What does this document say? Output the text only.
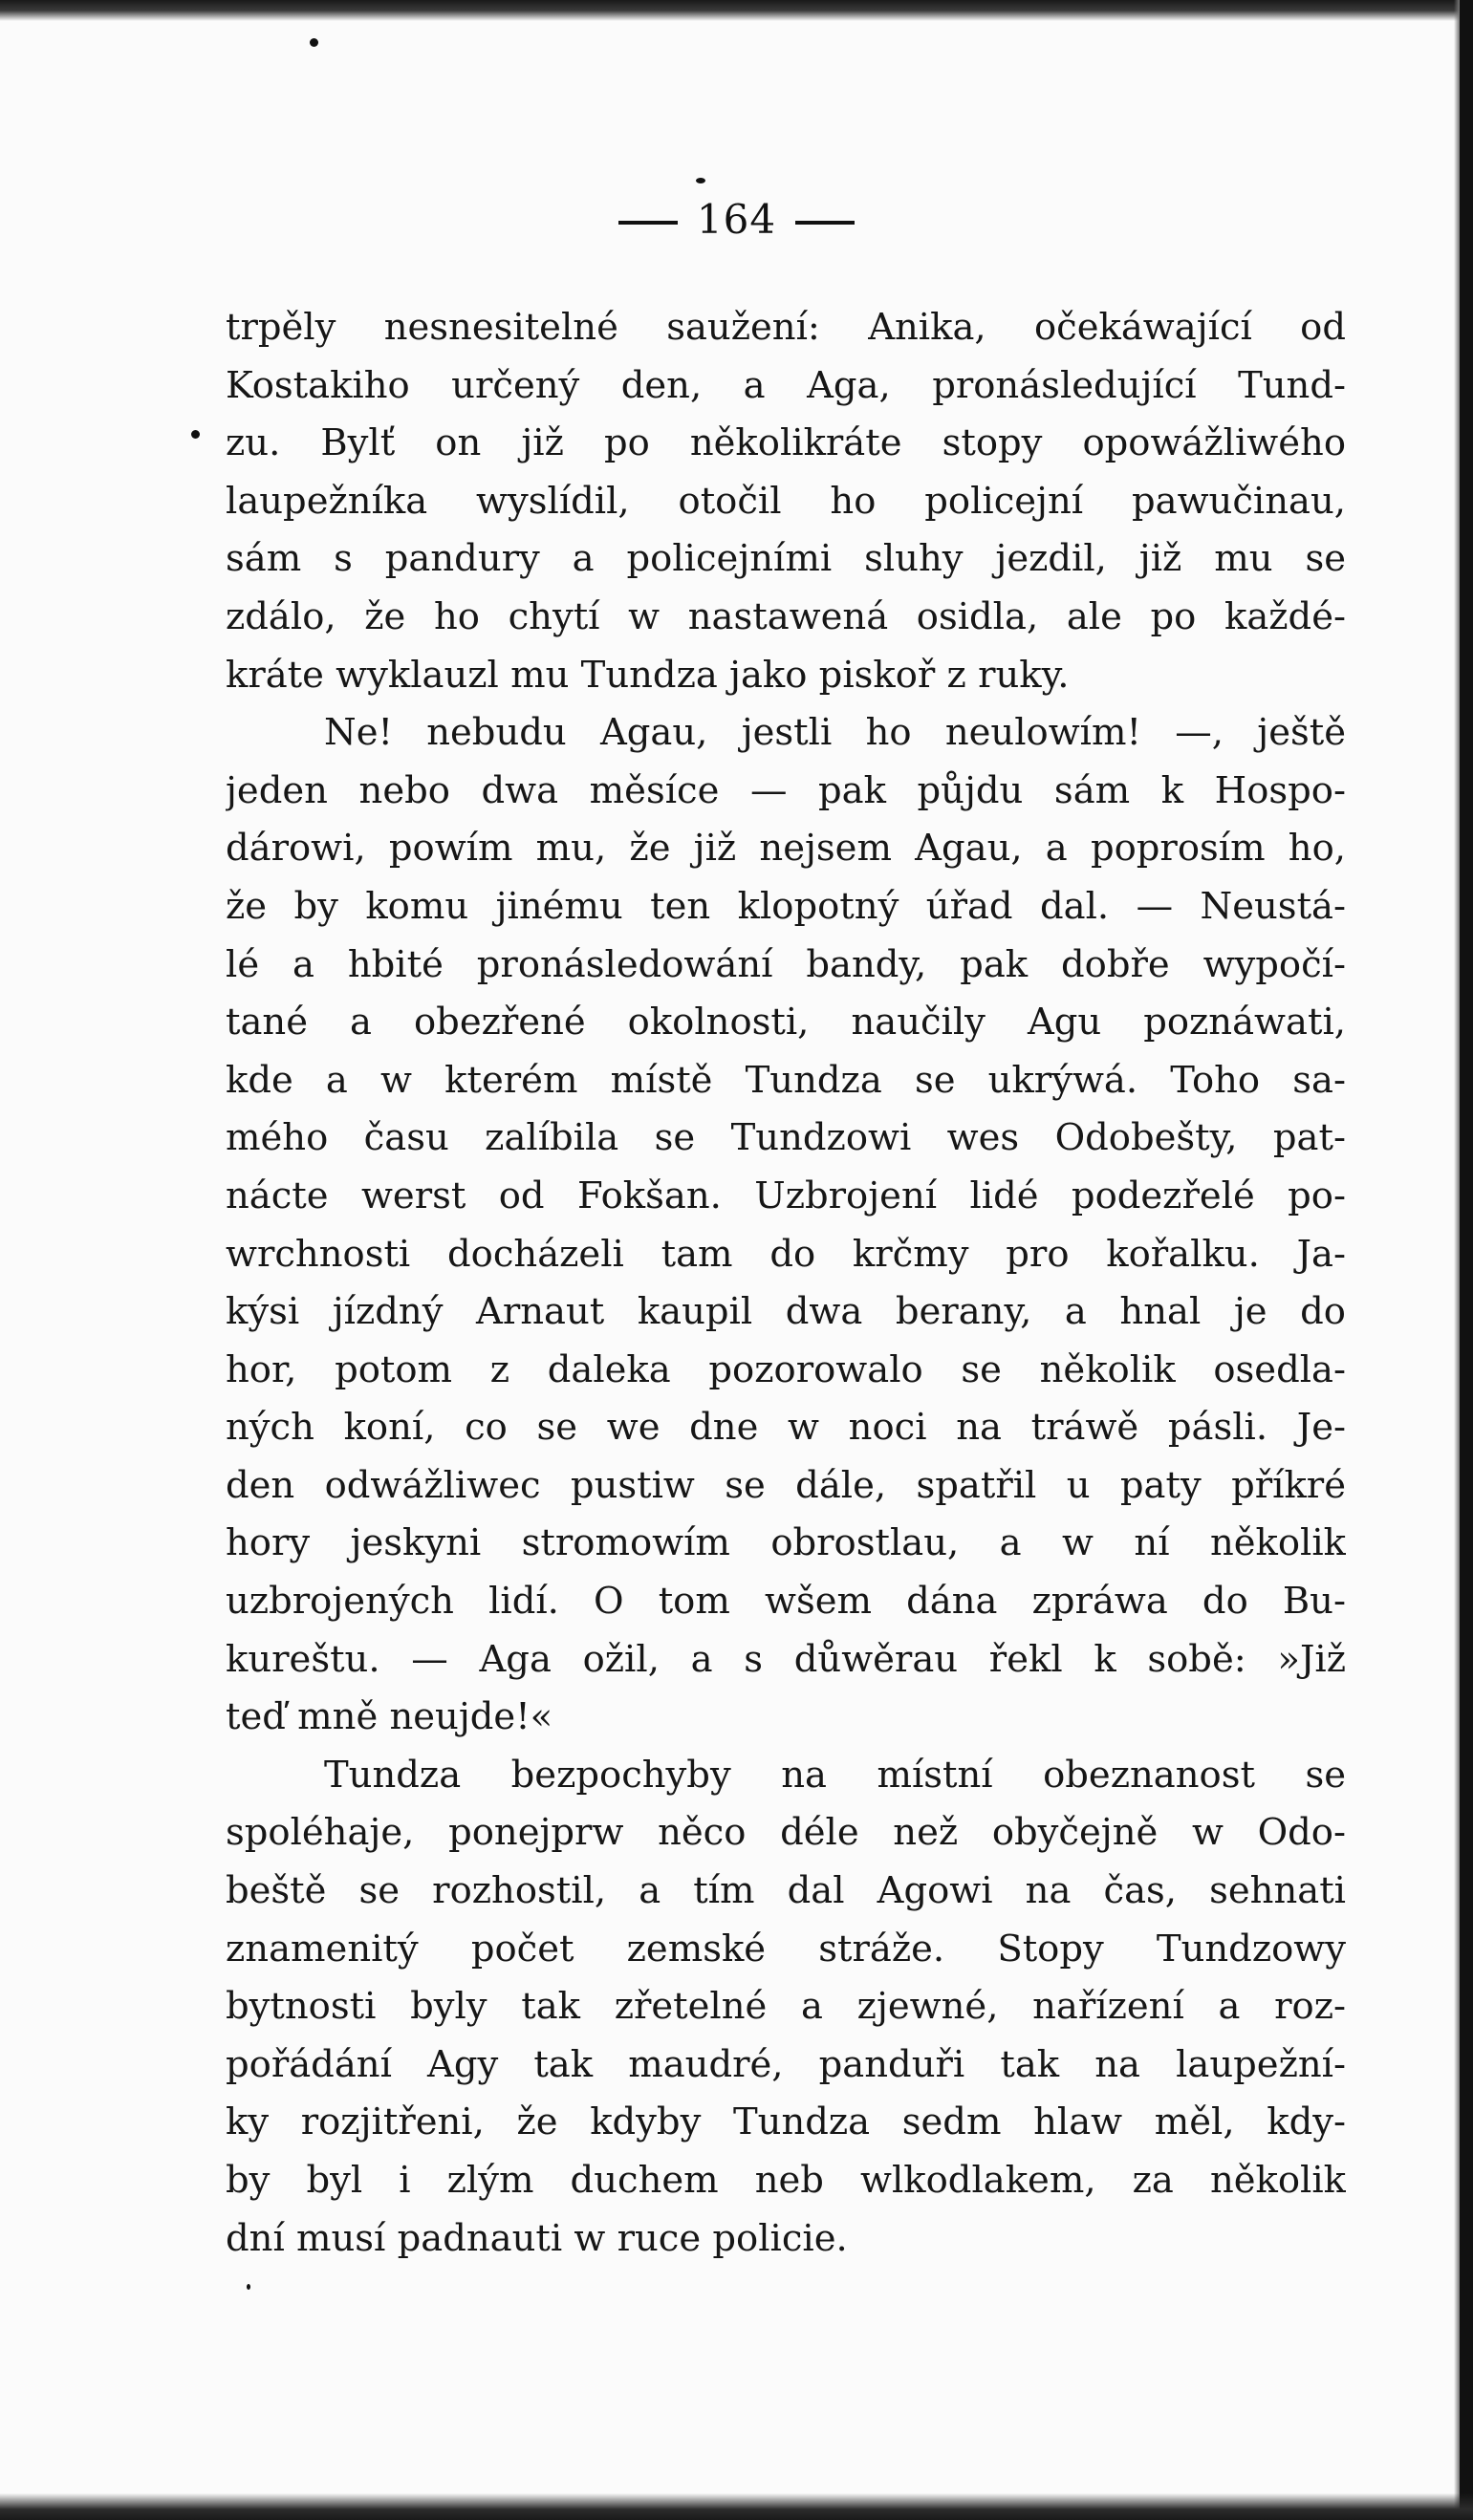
164
trpěly nesnesitelné saužení: Anika, očekáwající od
Kostakiho určený den, a Aga, pronásledující Tund-
zu. Bylť on již po několikráte stopy opowážliwého
laupežníka wyslídil, otočil ho policejní pawučinau,
sám s pandury a policejními sluhy jezdil, již mu se
zdálo, že ho chytí w nastawená osidla, ale po každé-
kráte wyklauzl mu Tundza jako piskoř z ruky.
Ne! nebudu Agau, jestli ho neulowím! —, ještě
jeden nebo dwa měsíce — pak půjdu sám k Hospo-
dárowi, powím mu, že již nejsem Agau, a poprosím ho,
že by komu jinému ten klopotný úřad dal. — Neustá-
lé a hbité pronásledowání bandy, pak dobře wypočí-
tané a obezřené okolnosti, naučily Agu poznáwati,
kde a w kterém místě Tundza se ukrýwá. Toho sa-
mého času zalíbila se Tundzowi wes Odobešty, pat-
nácte werst od Fokšan. Uzbrojení lidé podezřelé po-
wrchnosti docházeli tam do krčmy pro kořalku. Ja-
kýsi jízdný Arnaut kaupil dwa berany, a hnal je do
hor, potom z daleka pozorowalo se několik osedla-
ných koní, co se we dne w noci na tráwě pásli. Je-
den odwážliwec pustiw se dále, spatřil u paty příkré
hory jeskyni stromowím obrostlau, a w ní několik
uzbrojených lidí. O tom wšem dána zpráwa do Bu-
kureštu. — Aga ožil, a s důwěrau řekl k sobě: »Již
teď mně neujde!«
Tundza bezpochyby na místní obeznanost se
spoléhaje, ponejprw něco déle než obyčejně w Odo-
beště se rozhostil, a tím dal Agowi na čas, sehnati
znamenitý počet zemské stráže. Stopy Tundzowy
bytnosti byly tak zřetelné a zjewné, nařízení a roz-
pořádání Agy tak maudré, panduři tak na laupežní-
ky rozjitřeni, že kdyby Tundza sedm hlaw měl, kdy-
by byl i zlým duchem neb wlkodlakem, za několik
dní musí padnauti w ruce policie.
